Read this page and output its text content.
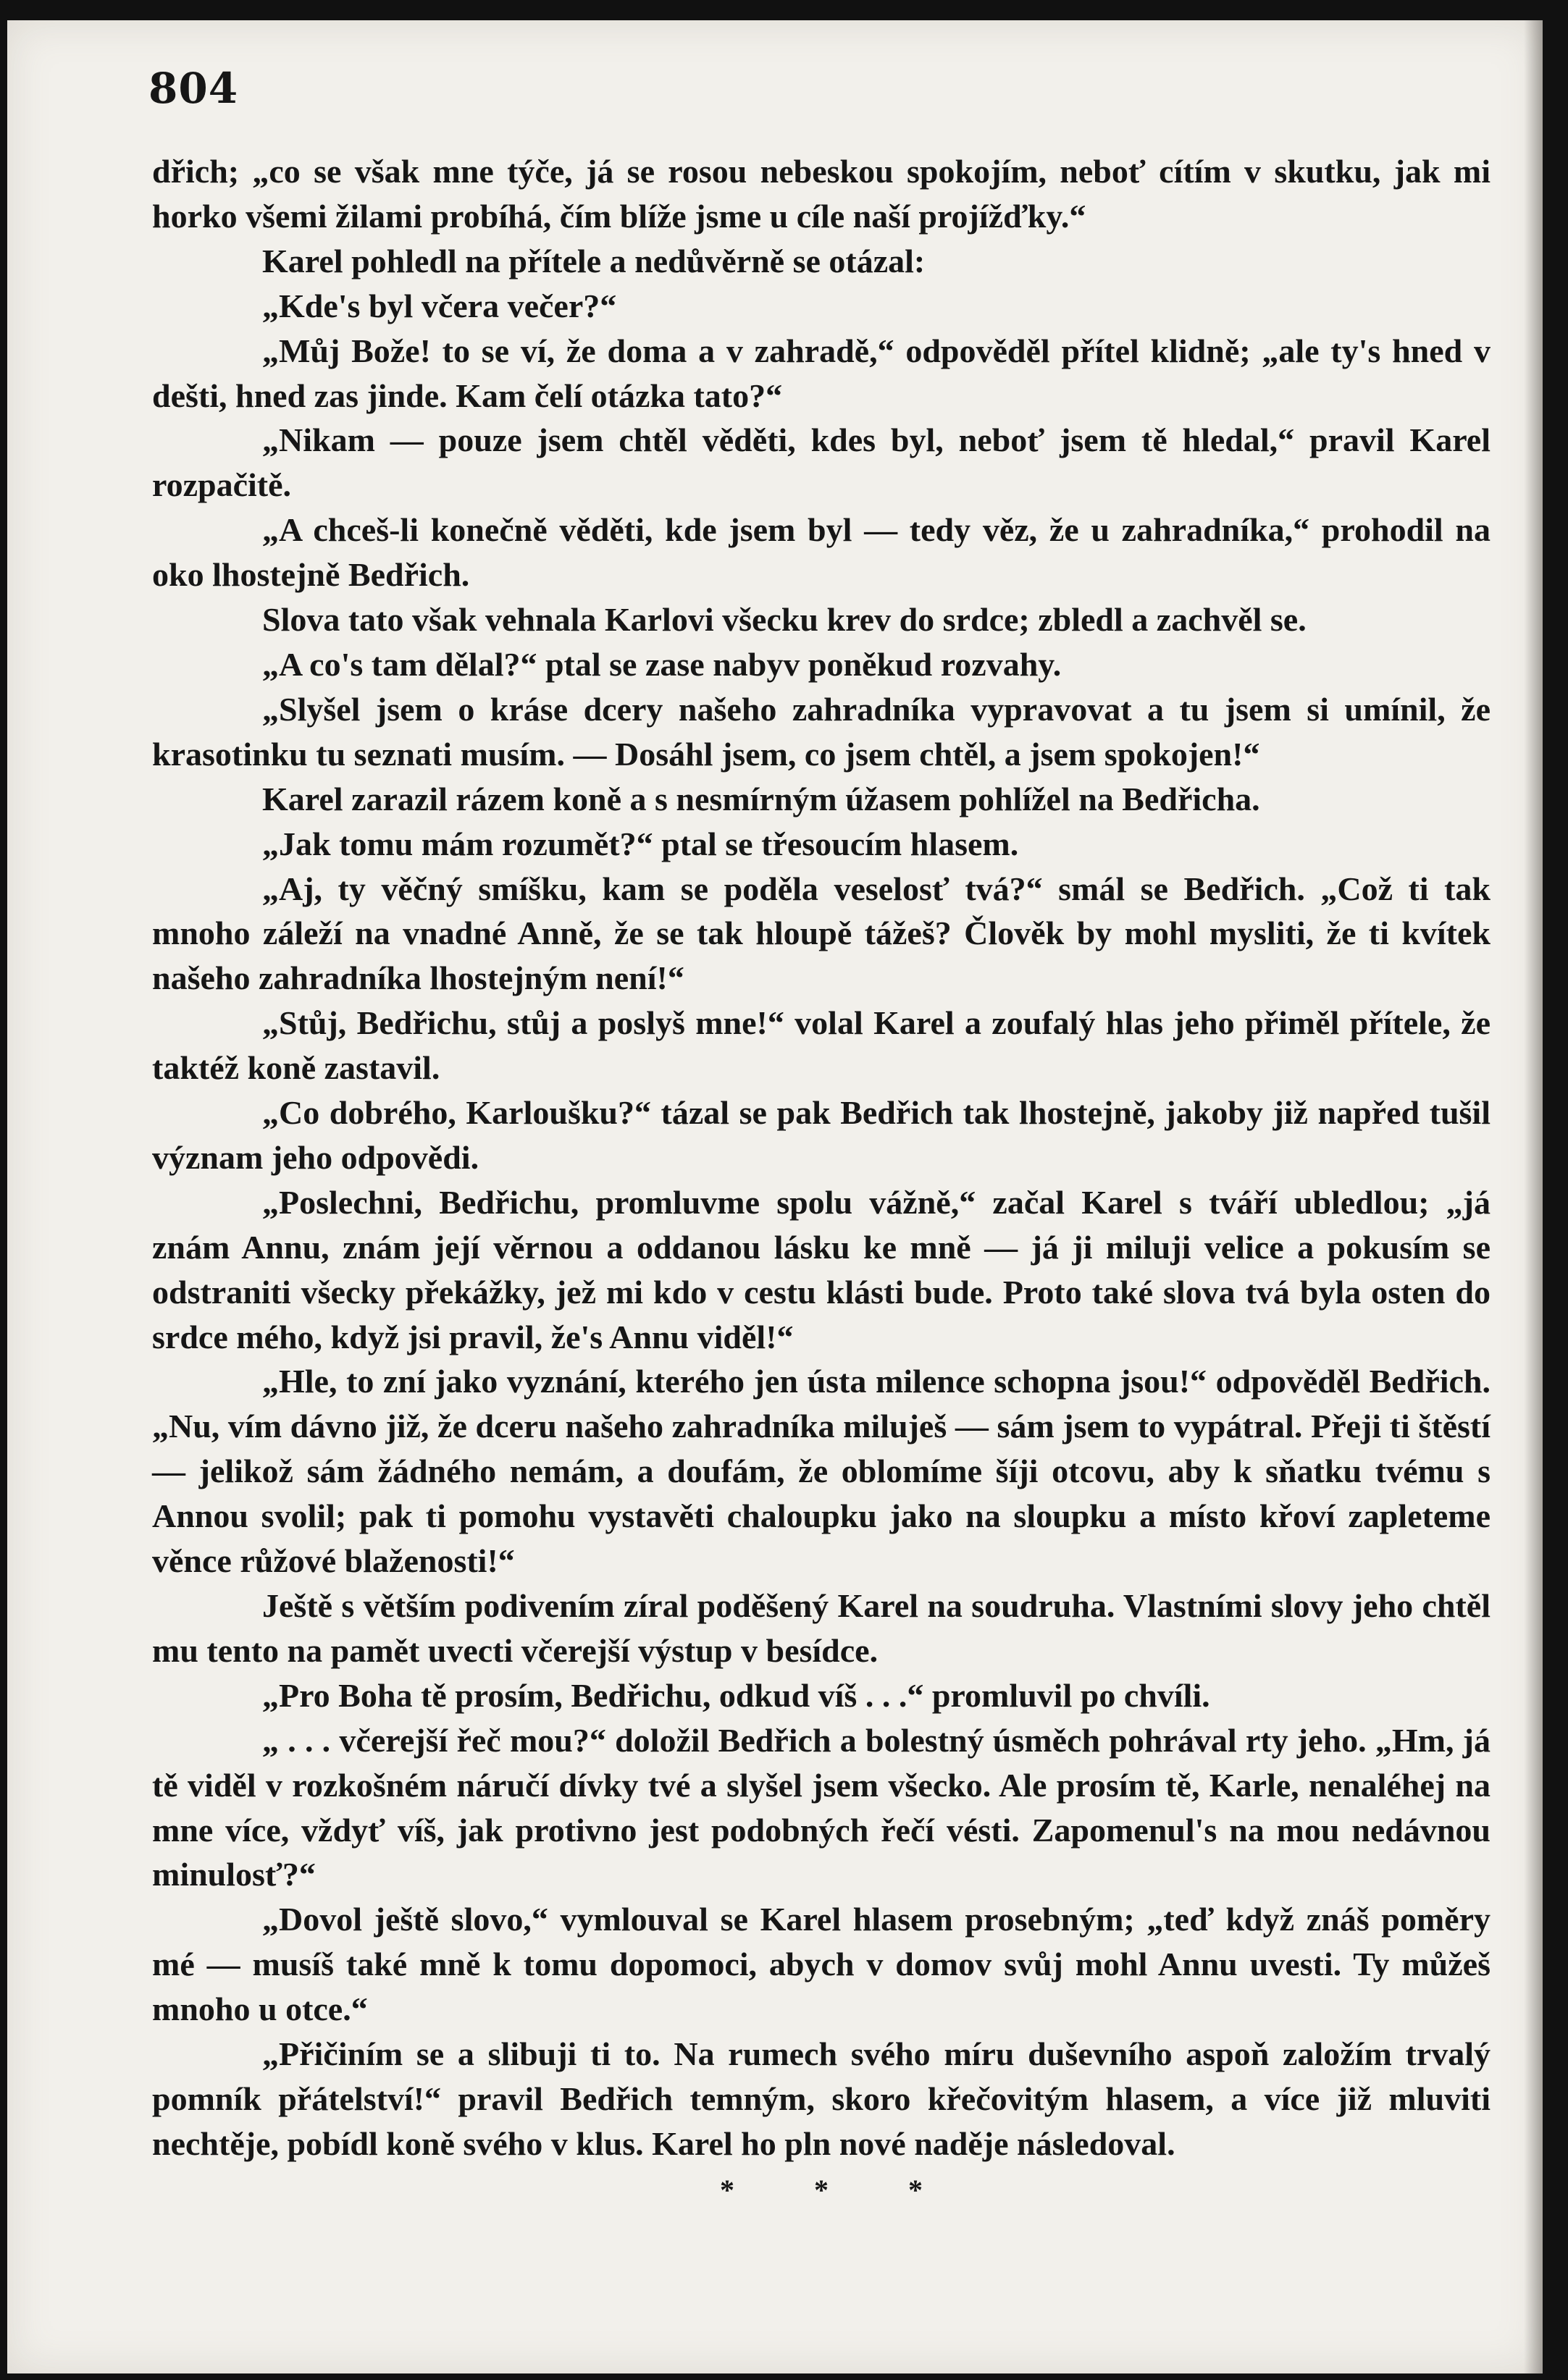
804

dřich; „co se však mne týče, já se rosou nebeskou spokojím, neboť cítím v skutku, jak mi horko všemi žilami probíhá, čím blíže jsme u cíle naší projížďky.“

Karel pohledl na přítele a nedůvěrně se otázal:

„Kde's byl včera večer?“

„Můj Bože! to se ví, že doma a v zahradě,“ odpověděl přítel klidně; „ale ty's hned v dešti, hned zas jinde. Kam čelí otázka tato?“

„Nikam — pouze jsem chtěl věděti, kdes byl, neboť jsem tě hledal,“ pravil Karel rozpačitě.

„A chceš-li konečně věděti, kde jsem byl — tedy věz, že u zahradníka,“ prohodil na oko lhostejně Bedřich.

Slova tato však vehnala Karlovi všecku krev do srdce; zbledl a zachvěl se.

„A co's tam dělal?“ ptal se zase nabyv poněkud rozvahy.

„Slyšel jsem o kráse dcery našeho zahradníka vypravovat a tu jsem si umínil, že krasotinku tu seznati musím. — Dosáhl jsem, co jsem chtěl, a jsem spokojen!“

Karel zarazil rázem koně a s nesmírným úžasem pohlížel na Bedřicha.

„Jak tomu mám rozumět?“ ptal se třesoucím hlasem.

„Aj, ty věčný smíšku, kam se poděla veselosť tvá?“ smál se Bedřich. „Což ti tak mnoho záleží na vnadné Anně, že se tak hloupě tážeš? Člověk by mohl mysliti, že ti kvítek našeho zahradníka lhostejným není!“

„Stůj, Bedřichu, stůj a poslyš mne!“ volal Karel a zoufalý hlas jeho přiměl přítele, že taktéž koně zastavil.

„Co dobrého, Karloušku?“ tázal se pak Bedřich tak lhostejně, jakoby již napřed tušil význam jeho odpovědi.

„Poslechni, Bedřichu, promluvme spolu vážně,“ začal Karel s tváří ubledlou; „já znám Annu, znám její věrnou a oddanou lásku ke mně — já ji miluji velice a pokusím se odstraniti všecky překážky, jež mi kdo v cestu klásti bude. Proto také slova tvá byla osten do srdce mého, když jsi pravil, že's Annu viděl!“

„Hle, to zní jako vyznání, kterého jen ústa milence schopna jsou!“ odpověděl Bedřich. „Nu, vím dávno již, že dceru našeho zahradníka miluješ — sám jsem to vypátral. Přeji ti štěstí — jelikož sám žádného nemám, a doufám, že oblomíme šíji otcovu, aby k sňatku tvému s Annou svolil; pak ti pomohu vystavěti chaloupku jako na sloupku a místo křoví zapleteme věnce růžové blaženosti!“

Ještě s větším podivením zíral poděšený Karel na soudruha. Vlastními slovy jeho chtěl mu tento na pamět uvecti včerejší výstup v besídce.

„Pro Boha tě prosím, Bedřichu, odkud víš . . .“ promluvil po chvíli.

„ . . . včerejší řeč mou?“ doložil Bedřich a bolestný úsměch pohrával rty jeho. „Hm, já tě viděl v rozkošném náručí dívky tvé a slyšel jsem všecko. Ale prosím tě, Karle, nenaléhej na mne více, vždyť víš, jak protivno jest podobných řečí vésti. Zapomenul's na mou nedávnou minulosť?“

„Dovol ještě slovo,“ vymlouval se Karel hlasem prosebným; „teď když znáš poměry mé — musíš také mně k tomu dopomoci, abych v domov svůj mohl Annu uvesti. Ty můžeš mnoho u otce.“

„Přičiním se a slibuji ti to. Na rumech svého míru duševního aspoň založím trvalý pomník přátelství!“ pravil Bedřich temným, skoro křečovitým hlasem, a více již mluviti nechtěje, pobídl koně svého v klus. Karel ho pln nové naděje následoval.

*	*	*
